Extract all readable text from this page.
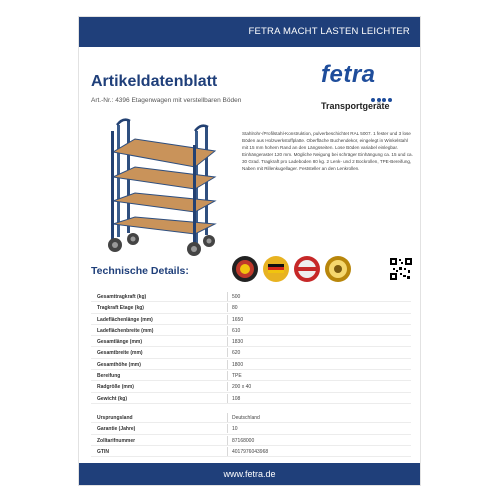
FETRA MACHT LASTEN LEICHTER
Artikeldatenblatt
Art.-Nr.: 4396 Etagenwagen mit verstellbaren Böden
fetra
Transportgeräte
Stahlrohr-/Profilstahl-Konstruktion, pulverbeschichtet RAL 5007. 1 fester und 3 lose Böden aus Holzwerkstoffplatte. Oberfläche Buchendekor, eingelegt in Winkelstahl mit 15 mm hohem Rand an den Längsseiten. Lose Böden variabel einlegbar. Einhängeraster 120 mm. Mögliche Neigung bei schräger Einhängung ca. 15 und ca. 30 Grad. Tragkraft pro Ladeboden 80 kg. 2 Lenk- und 2 Bockrollen, TPE-Bereifung, Naben mit Rillenkugellager. Feststeller an den Lenkrollen.
Technische Details:
Gesamttragkraft (kg)	500
Tragkraft Etage (kg)	80
Ladeflächenlänge (mm)	1650
Ladeflächenbreite (mm)	610
Gesamtlänge (mm)	1830
Gesamtbreite (mm)	620
Gesamthöhe (mm)	1800
Bereifung	TPE
Radgröße (mm)	200 x 40
Gewicht (kg)	108
Ursprungsland	Deutschland
Garantie (Jahre)	10
Zolltarifnummer	87168000
GTIN	4017976043968
www.fetra.de
